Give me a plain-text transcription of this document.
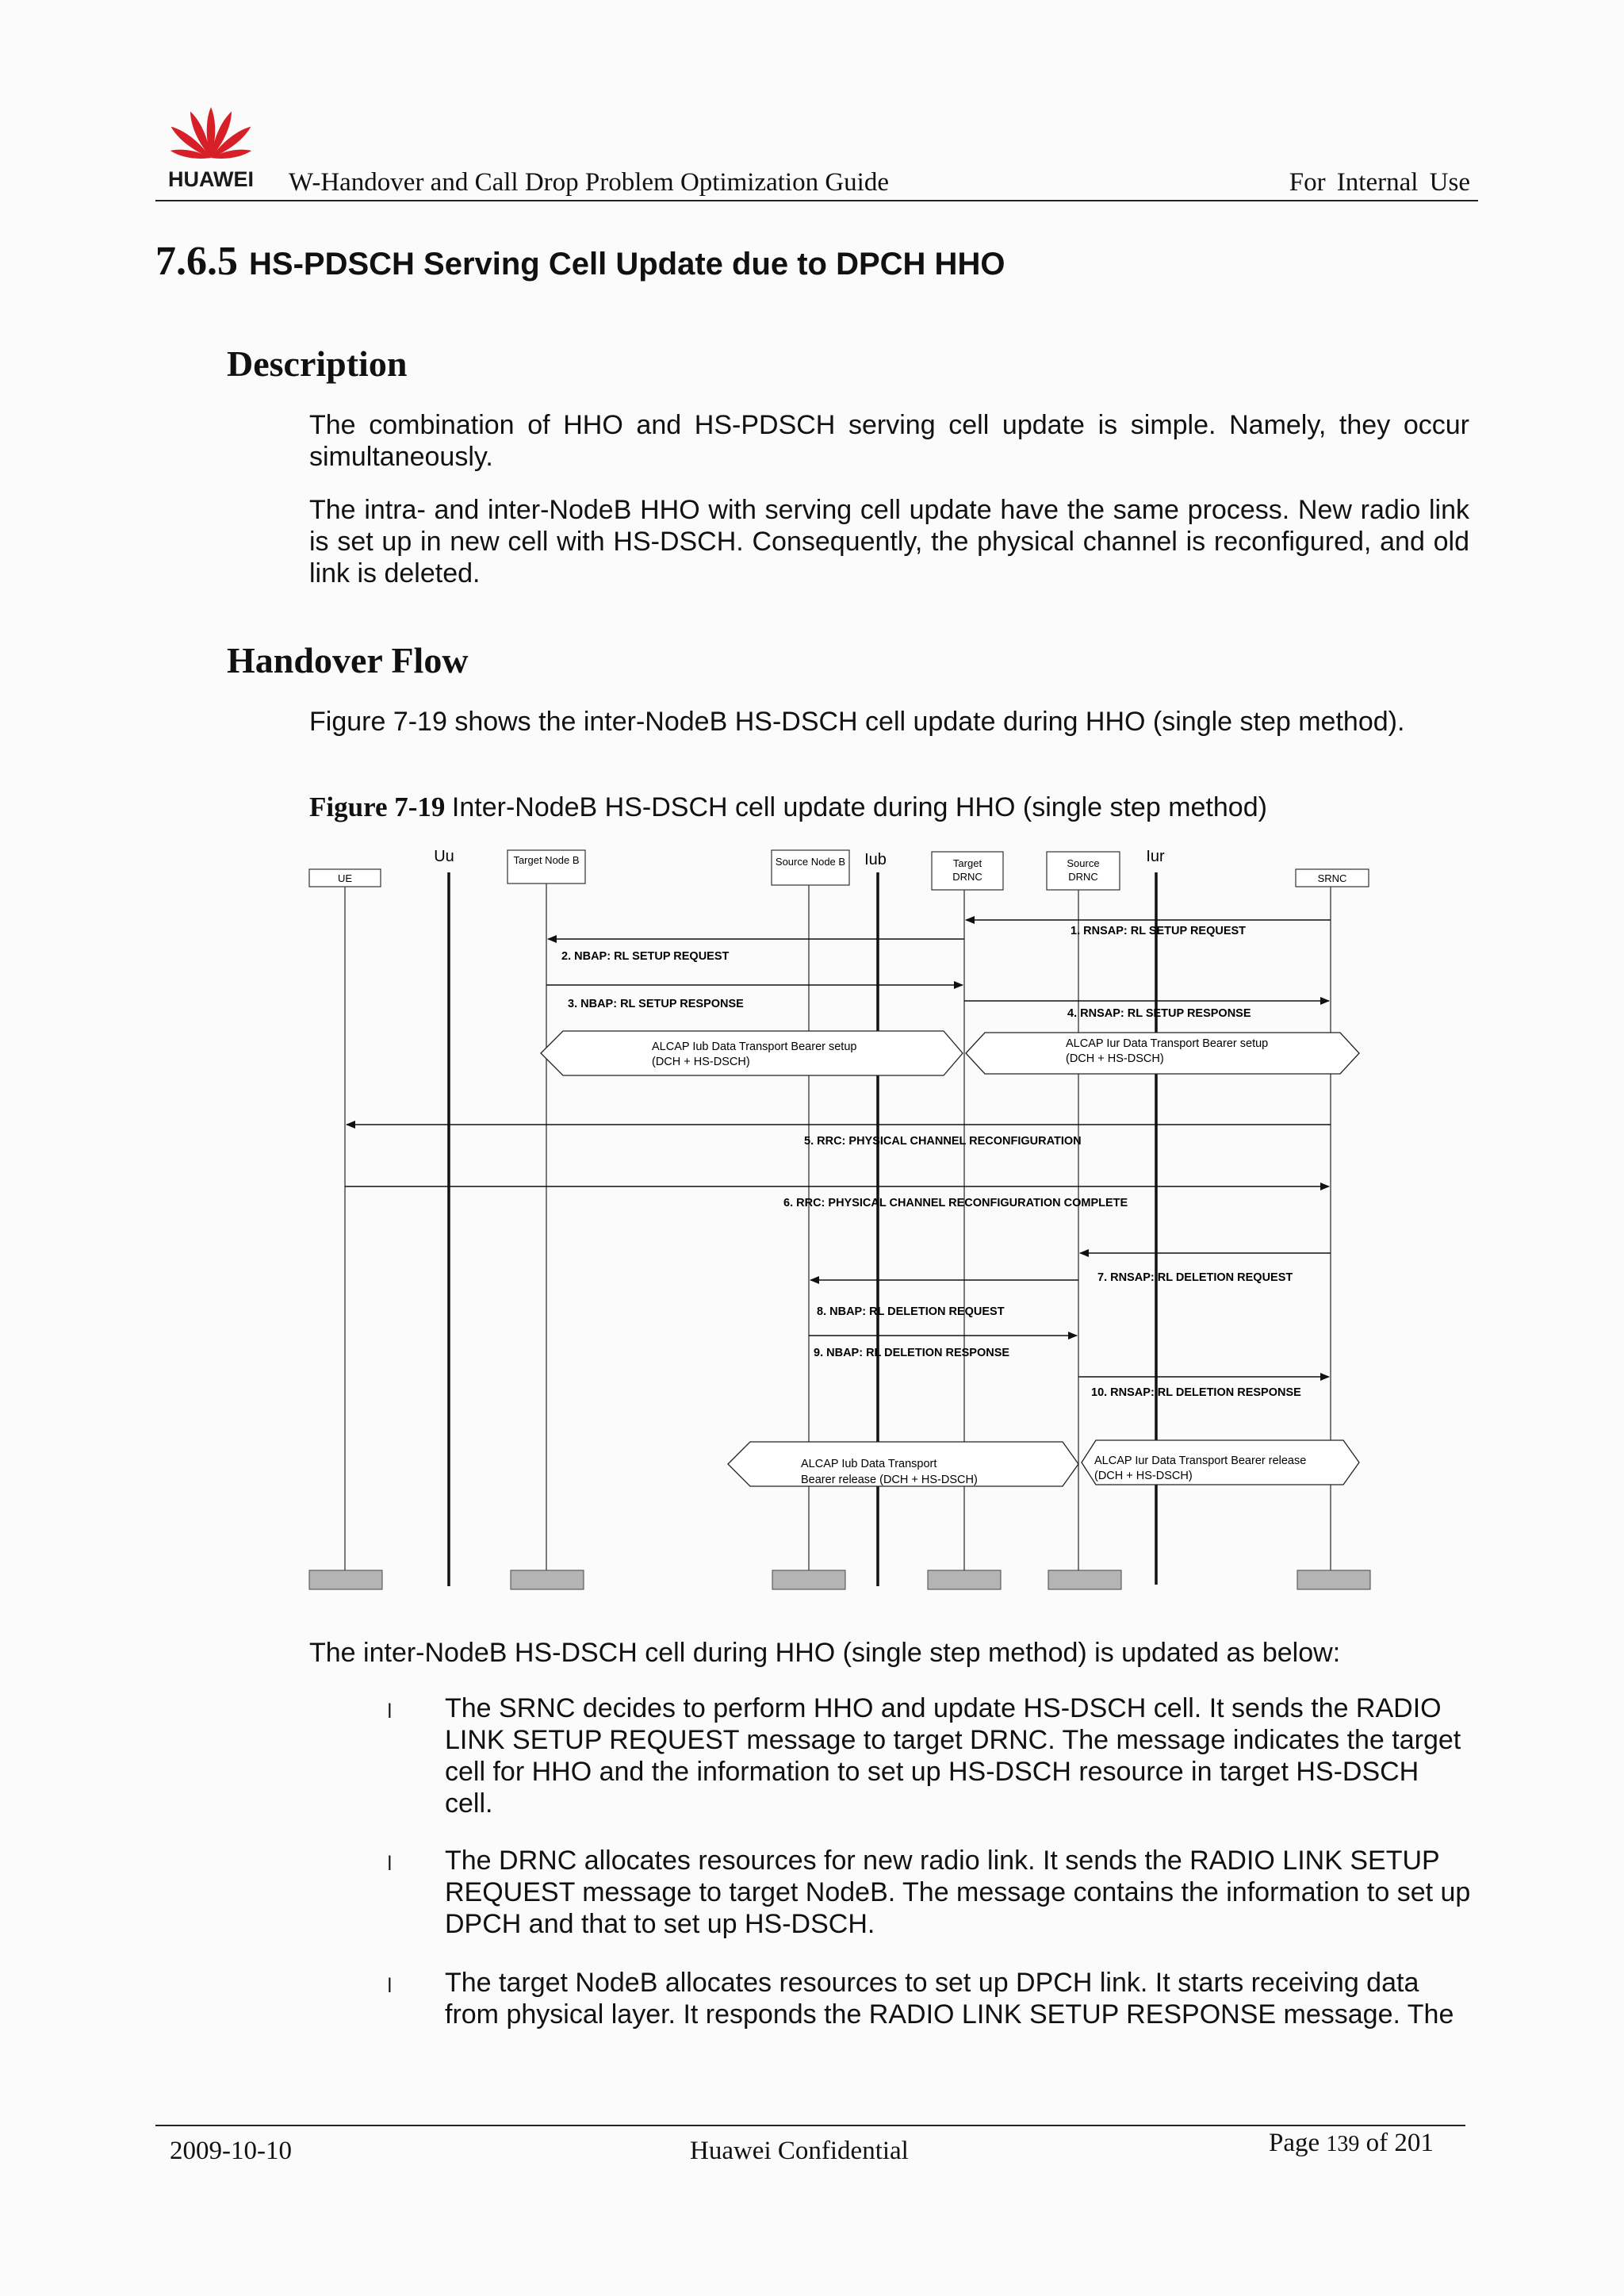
HUAWEI W-Handover and Call Drop Problem Optimization Guide	For Internal Use
7.6.5 HS-PDSCH Serving Cell Update due to DPCH HHO
Description
The combination of HHO and HS-PDSCH serving cell update is simple. Namely, they occur simultaneously.
The intra- and inter-NodeB HHO with serving cell update have the same process. New radio link is set up in new cell with HS-DSCH. Consequently, the physical channel is reconfigured, and old link is deleted.
Handover Flow
Figure 7-19 shows the inter-NodeB HS-DSCH cell update during HHO (single step method).
Figure 7-19 Inter-NodeB HS-DSCH cell update during HHO (single step method)
UE
Target Node B	Source Node B	Target
DRNC
Source
DRNC	SRNC
Uu	Iub	Iur
1. RNSAP: RL SETUP REQUEST
2. NBAP: RL SETUP REQUEST
3. NBAP: RL SETUP RESPONSE
4. RNSAP: RL SETUP RESPONSE
5. RRC: PHYSICAL CHANNEL RECONFIGURATION
6. RRC: PHYSICAL CHANNEL RECONFIGURATION COMPLETE
7. RNSAP: RL DELETION REQUEST
8. NBAP: RL DELETION REQUEST
9. NBAP: RL DELETION RESPONSE
10. RNSAP: RL DELETION RESPONSE
ALCAP Iub Data Transport Bearer setup
(DCH + HS-DSCH)
ALCAP Iur Data Transport Bearer setup
(DCH + HS-DSCH)
ALCAP Iub Data Transport
Bearer release (DCH + HS-DSCH)
ALCAP Iur Data Transport Bearer release
(DCH + HS-DSCH)
The inter-NodeB HS-DSCH cell during HHO (single step method) is updated as below:
l The SRNC decides to perform HHO and update HS-DSCH cell. It sends the RADIO LINK SETUP REQUEST message to target DRNC. The message indicates the target cell for HHO and the information to set up HS-DSCH resource in target HS-DSCH cell.
l The DRNC allocates resources for new radio link. It sends the RADIO LINK SETUP REQUEST message to target NodeB. The message contains the information to set up DPCH and that to set up HS-DSCH.
l The target NodeB allocates resources to set up DPCH link. It starts receiving data from physical layer. It responds the RADIO LINK SETUP RESPONSE message. The
2009-10-10	Huawei Confidential	Page 139 of 201
